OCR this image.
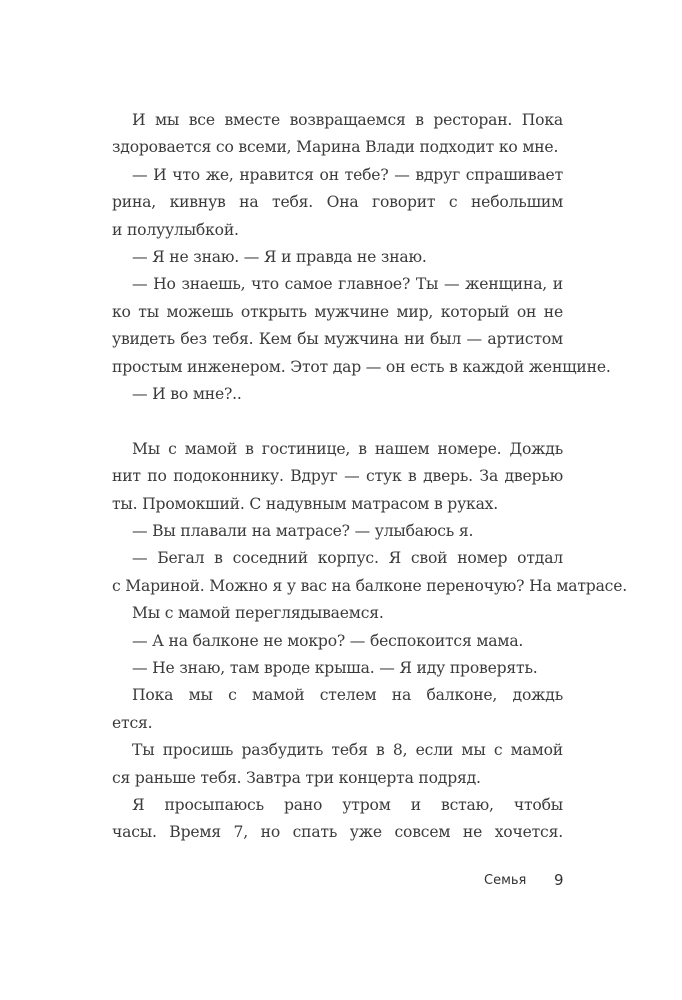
И мы все вместе возвращаемся в ресторан. Пока
здоровается со всеми, Марина Влади подходит ко мне.
— И что же, нравится он тебе? — вдруг спрашивает
рина, кивнув на тебя. Она говорит с небольшим
и полуулыбкой.
— Я не знаю. — Я и правда не знаю.
— Но знаешь, что самое главное? Ты — женщина, и
ко ты можешь открыть мужчине мир, который он не
увидеть без тебя. Кем бы мужчина ни был — артистом
простым инженером. Этот дар — он есть в каждой женщине.
— И во мне?..
Мы с мамой в гостинице, в нашем номере. Дождь
нит по подоконнику. Вдруг — стук в дверь. За дверью
ты. Промокший. С надувным матрасом в руках.
— Вы плавали на матрасе? — улыбаюсь я.
— Бегал в соседний корпус. Я свой номер отдал
с Мариной. Можно я у вас на балконе переночую? На матрасе.
Мы с мамой переглядываемся.
— А на балконе не мокро? — беспокоится мама.
— Не знаю, там вроде крыша. — Я иду проверять.
Пока мы с мамой стелем на балконе, дождь
ется.
Ты просишь разбудить тебя в 8, если мы с мамой
ся раньше тебя. Завтра три концерта подряд.
Я просыпаюсь рано утром и встаю, чтобы
часы. Время 7, но спать уже совсем не хочется.
Семья 9
